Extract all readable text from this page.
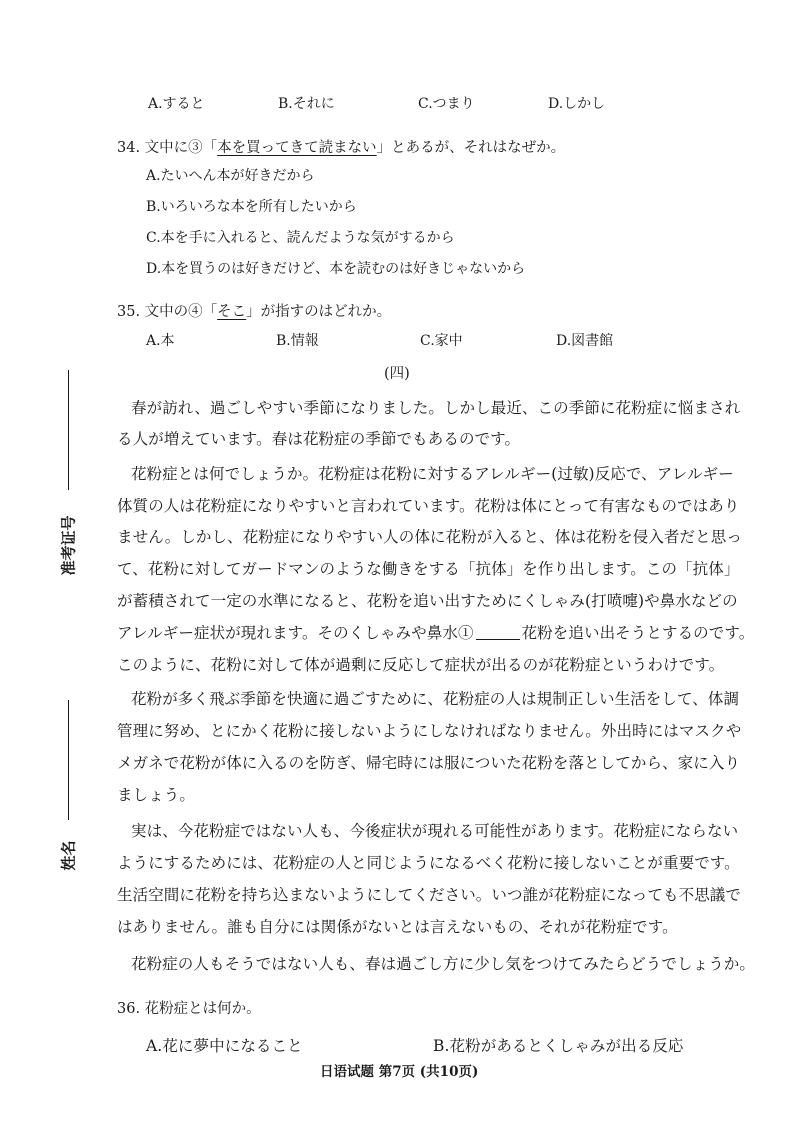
A.すると	B.それに	C.つまり	D.しかし
34. 文中に③「本を買ってきて読まない」とあるが、それはなぜか。
A.たいへん本が好きだから
B.いろいろな本を所有したいから
C.本を手に入れると、読んだような気がするから
D.本を買うのは好きだけど、本を読むのは好きじゃないから
35. 文中の④「そこ」が指すのはどれか。
A.本	B.情報	C.家中	D.図書館
(四)
春が訪れ、過ごしやすい季節になりました。しかし最近、この季節に花粉症に悩まされ
る人が増えています。春は花粉症の季節でもあるのです。
花粉症とは何でしょうか。花粉症は花粉に対するアレルギー(过敏)反応で、アレルギー
体質の人は花粉症になりやすいと言われています。花粉は体にとって有害なものではあり
ません。しかし、花粉症になりやすい人の体に花粉が入ると、体は花粉を侵入者だと思っ
て、花粉に対してガードマンのような働きをする「抗体」を作り出します。この「抗体」
が蓄積されて一定の水準になると、花粉を追い出すためにくしゃみ(打喷嚏)や鼻水などの
アレルギー症状が現れます。そのくしゃみや鼻水①	花粉を追い出そうとするのです。
このように、花粉に対して体が過剰に反応して症状が出るのが花粉症というわけです。
花粉が多く飛ぶ季節を快適に過ごすために、花粉症の人は規制正しい生活をして、体調
管理に努め、とにかく花粉に接しないようにしなければなりません。外出時にはマスクや
メガネで花粉が体に入るのを防ぎ、帰宅時には服についた花粉を落としてから、家に入り
ましょう。
実は、今花粉症ではない人も、今後症状が現れる可能性があります。花粉症にならない
ようにするためには、花粉症の人と同じようになるべく花粉に接しないことが重要です。
生活空間に花粉を持ち込まないようにしてください。いつ誰が花粉症になっても不思議で
はありません。誰も自分には関係がないとは言えないもの、それが花粉症です。
花粉症の人もそうではない人も、春は過ごし方に少し気をつけてみたらどうでしょうか。
36. 花粉症とは何か。
A.花に夢中になること	B.花粉があるとくしゃみが出る反応
日语试题 第7页 (共10页)
准考证号
姓名
